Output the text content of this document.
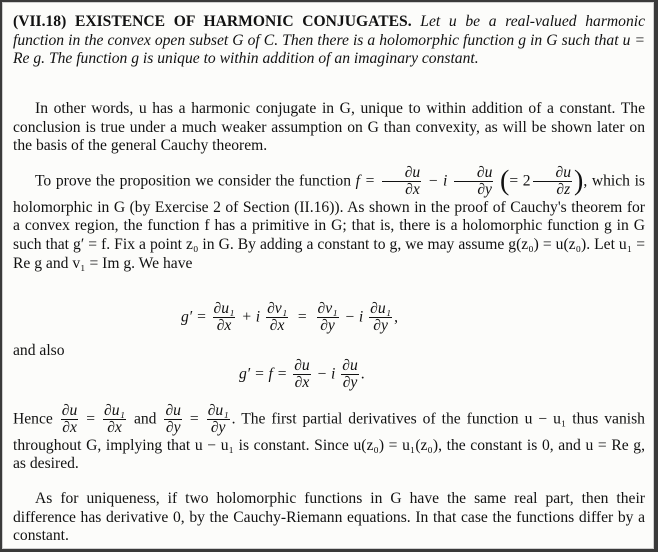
(VII.18) EXISTENCE OF HARMONIC CONJUGATES. Let u be a real-valued harmonic function in the convex open subset G of C. Then there is a holomorphic function g in G such that u = Re g. The function g is unique to within addition of an imaginary constant.
In other words, u has a harmonic conjugate in G, unique to within addition of a constant. The conclusion is true under a much weaker assumption on G than convexity, as will be shown later on the basis of the general Cauchy theorem.
To prove the proposition we consider the function $f = \frac{\partial u}{\partial x} - i \frac{\partial u}{\partial y}$ (= $2 \frac{\partial u}{\partial z}$ ), which is holomorphic in G (by Exercise 2 of Section (II.16)). As shown in the proof of Cauchy's theorem for a convex region, the function f has a primitive in G; that is, there is a holomorphic function g in G such that g′ = f. Fix a point z₀ in G. By adding a constant to g, we may assume g(z₀) = u(z₀). Let u₁ = Re g and v₁ = Im g. We have
$g' = \frac{\text{∂u₁}}{\partial x} + i \frac{\text{∂v₁}}{\partial x} = \frac{\text{∂v₁}}{\partial y} - i \frac{\text{∂u₁}}{\partial y}$ ,
and also
$g' = f = \frac{\partial u}{\partial x} - i \frac{\partial u}{\partial y}$ .
Hence $\frac{\partial u}{\partial x} = \frac{\text{∂u₁}}{\partial x}$ and $\frac{\partial u}{\partial y} = \frac{\text{∂u₁}}{\partial y}$ . The first partial derivatives of the function u − u₁ thus vanish throughout G, implying that u − u₁ is constant. Since u(z₀) = u₁(z₀), the constant is 0, and u = Re g, as desired.
As for uniqueness, if two holomorphic functions in G have the same real part, then their difference has derivative 0, by the Cauchy-Riemann equations. In that case the functions differ by a constant.
